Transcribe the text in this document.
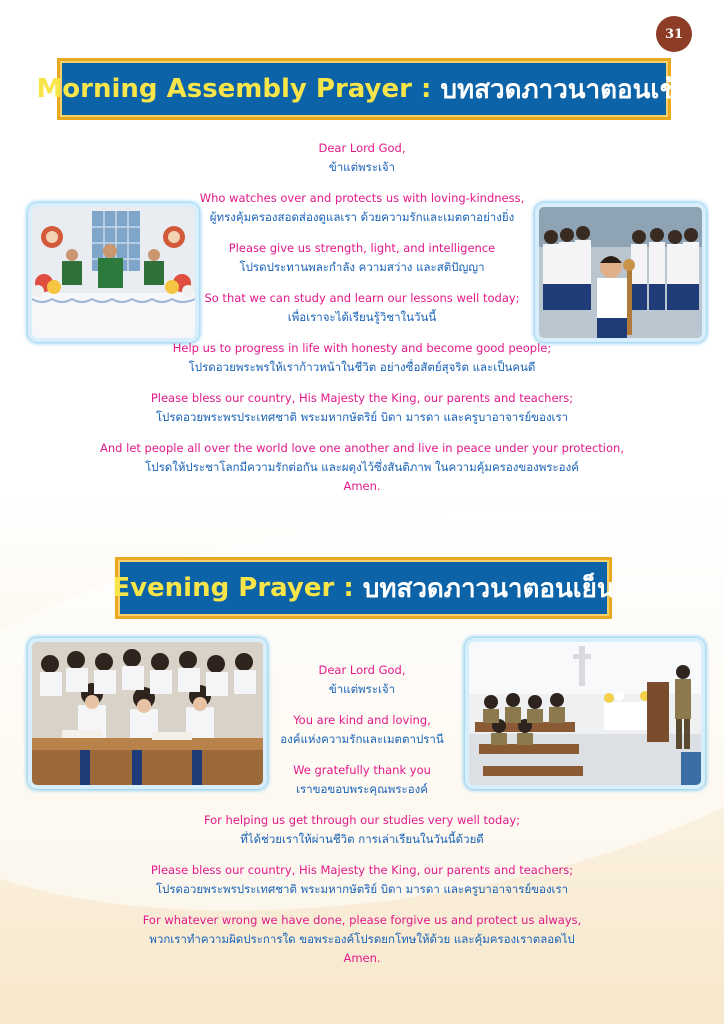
31
Morning Assembly Prayer :
บทสวดภาวนาตอนเช้า
Dear Lord God,
ข้าแต่พระเจ้า
Who watches over and protects us with loving-kindness,
ผู้ทรงคุ้มครองสอดส่องดูแลเรา ด้วยความรักและเมตตาอย่างยิ่ง
Please give us strength, light, and intelligence
โปรดประทานพละกำลัง ความสว่าง และสติปัญญา
So that we can study and learn our lessons well today;
เพื่อเราจะได้เรียนรู้วิชาในวันนี้
Help us to progress in life with honesty and become good people;
โปรดอวยพระพรให้เราก้าวหน้าในชีวิต อย่างซื่อสัตย์สุจริต และเป็นคนดี
Please bless our country, His Majesty the King, our parents and teachers;
โปรดอวยพระพรประเทศชาติ พระมหากษัตริย์ บิดา มารดา และครูบาอาจารย์ของเรา
And let people all over the world love one another and live in peace under your protection,
โปรดให้ประชาโลกมีความรักต่อกัน และผดุงไว้ซึ่งสันติภาพ ในความคุ้มครองของพระองค์
Amen.
Evening Prayer :
บทสวดภาวนาตอนเย็น
Dear Lord God,
ข้าแต่พระเจ้า
You are kind and loving,
องค์แห่งความรักและเมตตาปรานี
We gratefully thank you
เราขอขอบพระคุณพระองค์
For helping us get through our studies very well today;
ที่ได้ช่วยเราให้ผ่านชีวิต การเล่าเรียนในวันนี้ด้วยดี
Please bless our country, His Majesty the King, our parents and teachers;
โปรดอวยพระพรประเทศชาติ พระมหากษัตริย์ บิดา มารดา และครูบาอาจารย์ของเรา
For whatever wrong we have done, please forgive us and protect us always,
พวกเราทำความผิดประการใด ขอพระองค์โปรดยกโทษให้ด้วย และคุ้มครองเราตลอดไป
Amen.
